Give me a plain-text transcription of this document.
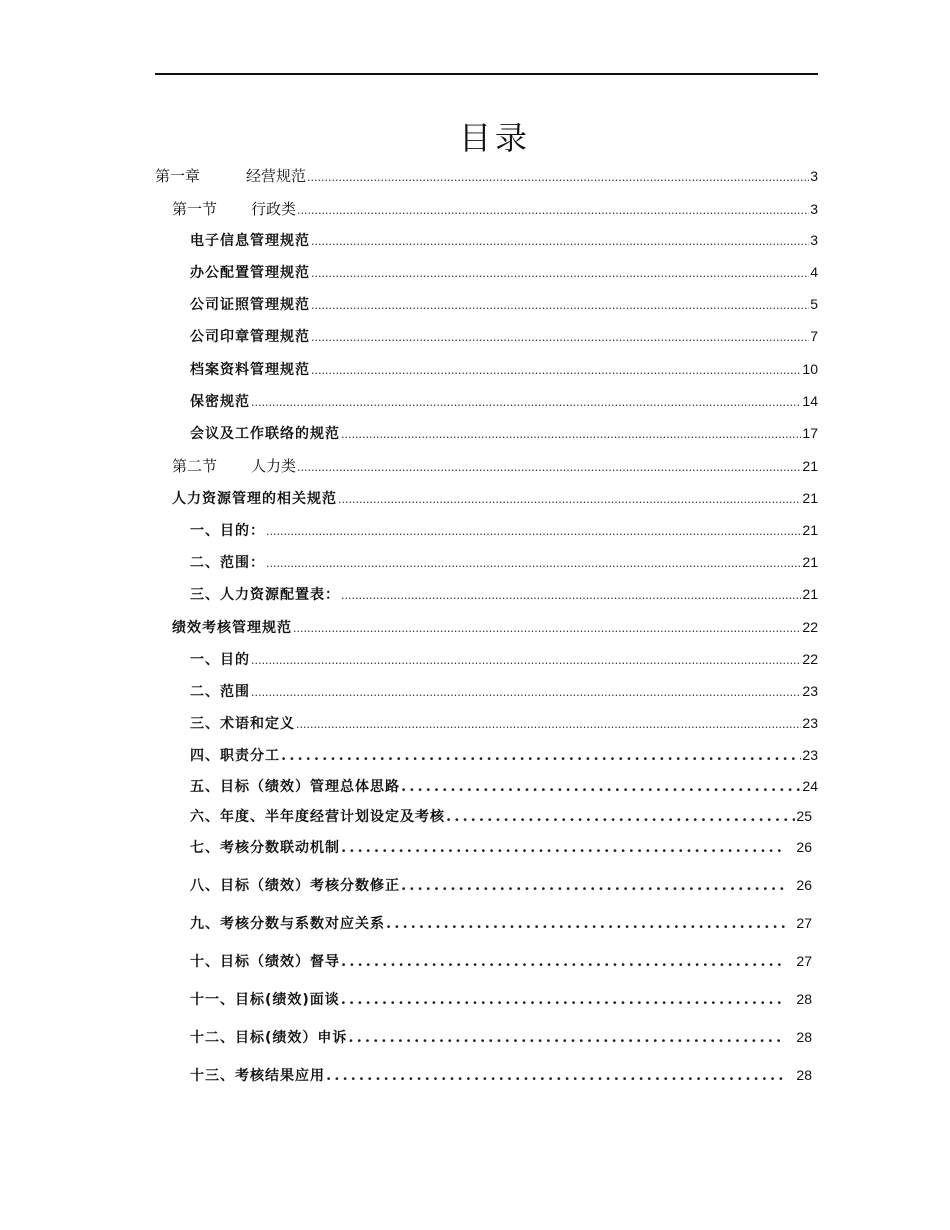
目录
第一章	经营规范 .....	3
第一节 行政类 .....	3
电子信息管理规范 .....	3
办公配置管理规范 .....	4
公司证照管理规范 .....	5
公司印章管理规范 .....	7
档案资料管理规范 .....	10
保密规范 .....	14
会议及工作联络的规范 .....	17
第二节 人力类 .....	21
人力资源管理的相关规范 .....	21
一、目的： .....	21
二、范围： .....	21
三、人力资源配置表： .....	21
绩效考核管理规范 .....	22
一、目的 .....	22
二、范围 .....	23
三、术语和定义 .....	23
四、职责分工 .....	23
五、目标（绩效）管理总体思路 .....	24
六、年度、半年度经营计划设定及考核 .....	25
七、考核分数联动机制 .....	26
八、目标（绩效）考核分数修正 .....	26
九、考核分数与系数对应关系 .....	27
十、目标（绩效）督导 .....	27
十一、目标(绩效)面谈 .....	28
十二、目标(绩效）申诉 .....	28
十三、考核结果应用 .....	28
